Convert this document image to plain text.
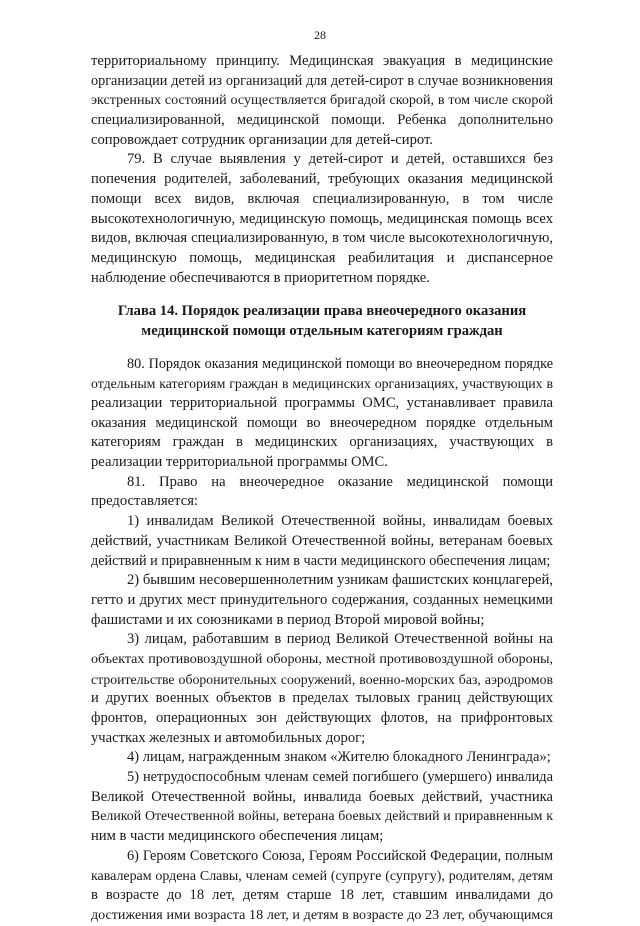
28
территориальному принципу. Медицинская эвакуация в медицинские
организации детей из организаций для детей-сирот в случае возникновения
экстренных состояний осуществляется бригадой скорой, в том числе скорой
специализированной, медицинской помощи. Ребенка дополнительно
сопровождает сотрудник организации для детей-сирот.
79. В случае выявления у детей-сирот и детей, оставшихся без
попечения родителей, заболеваний, требующих оказания медицинской
помощи всех видов, включая специализированную, в том числе
высокотехнологичную, медицинскую помощь, медицинская помощь всех
видов, включая специализированную, в том числе высокотехнологичную,
медицинскую помощь, медицинская реабилитация и диспансерное
наблюдение обеспечиваются в приоритетном порядке.
Глава 14. Порядок реализации права внеочередного оказания
медицинской помощи отдельным категориям граждан
80. Порядок оказания медицинской помощи во внеочередном порядке
отдельным категориям граждан в медицинских организациях, участвующих в
реализации территориальной программы ОМС, устанавливает правила
оказания медицинской помощи во внеочередном порядке отдельным
категориям граждан в медицинских организациях, участвующих в
реализации территориальной программы ОМС.
81. Право на внеочередное оказание медицинской помощи
предоставляется:
1) инвалидам Великой Отечественной войны, инвалидам боевых
действий, участникам Великой Отечественной войны, ветеранам боевых
действий и приравненным к ним в части медицинского обеспечения лицам;
2) бывшим несовершеннолетним узникам фашистских концлагерей,
гетто и других мест принудительного содержания, созданных немецкими
фашистами и их союзниками в период Второй мировой войны;
3) лицам, работавшим в период Великой Отечественной войны на
объектах противовоздушной обороны, местной противовоздушной обороны,
строительстве оборонительных сооружений, военно-морских баз, аэродромов
и других военных объектов в пределах тыловых границ действующих
фронтов, операционных зон действующих флотов, на прифронтовых
участках железных и автомобильных дорог;
4) лицам, награжденным знаком «Жителю блокадного Ленинграда»;
5) нетрудоспособным членам семей погибшего (умершего) инвалида
Великой Отечественной войны, инвалида боевых действий, участника
Великой Отечественной войны, ветерана боевых действий и приравненным к
ним в части медицинского обеспечения лицам;
6) Героям Советского Союза, Героям Российской Федерации, полным
кавалерам ордена Славы, членам семей (супруге (супругу), родителям, детям
в возрасте до 18 лет, детям старше 18 лет, ставшим инвалидами до
достижения ими возраста 18 лет, и детям в возрасте до 23 лет, обучающимся
